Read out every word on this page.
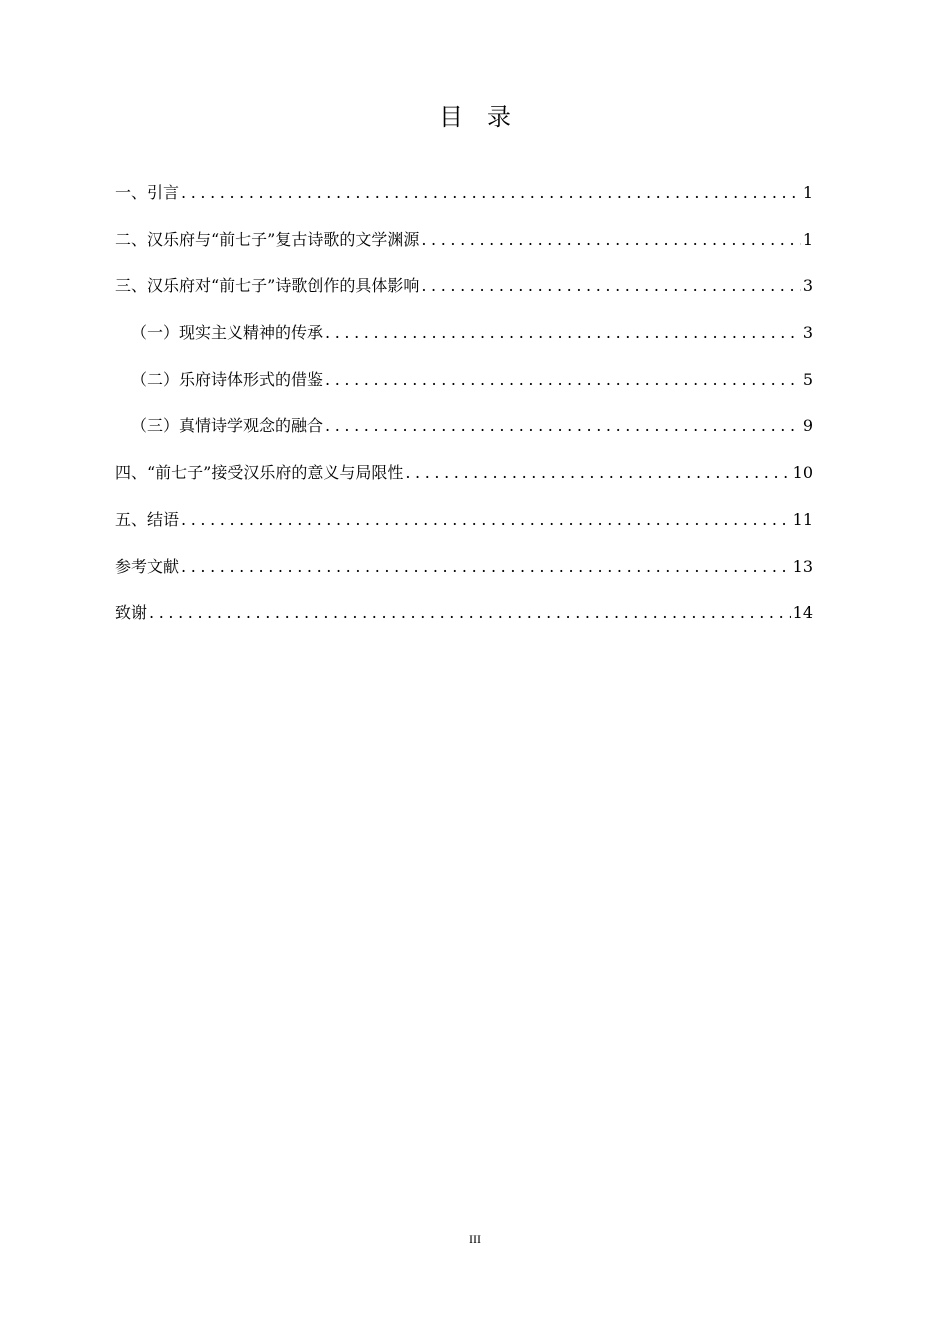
目　录
一、引言 .....	1
二、汉乐府与“前七子”复古诗歌的文学渊源 .....	1
三、汉乐府对“前七子”诗歌创作的具体影响 .....	3
（一）现实主义精神的传承 .....	3
（二）乐府诗体形式的借鉴 .....	5
（三）真情诗学观念的融合 .....	9
四、“前七子”接受汉乐府的意义与局限性 .....	10
五、结语 .....	11
参考文献 .....	13
致谢 .....	14
III
